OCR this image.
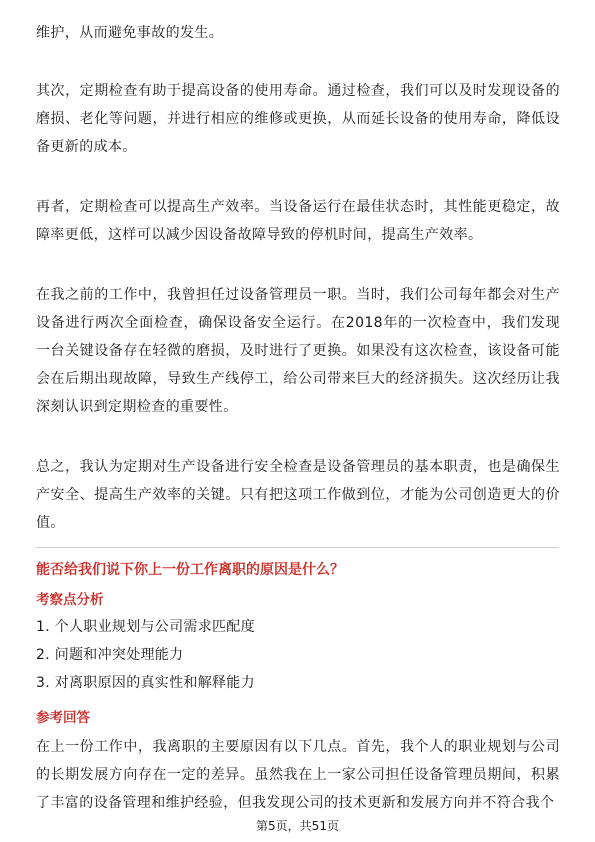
维护，从而避免事故的发生。

其次，定期检查有助于提高设备的使用寿命。通过检查，我们可以及时发现设备的磨损、老化等问题，并进行相应的维修或更换，从而延长设备的使用寿命，降低设备更新的成本。

再者，定期检查可以提高生产效率。当设备运行在最佳状态时，其性能更稳定，故障率更低，这样可以减少因设备故障导致的停机时间，提高生产效率。

在我之前的工作中，我曾担任过设备管理员一职。当时，我们公司每年都会对生产设备进行两次全面检查，确保设备安全运行。在2018年的一次检查中，我们发现一台关键设备存在轻微的磨损，及时进行了更换。如果没有这次检查，该设备可能会在后期出现故障，导致生产线停工，给公司带来巨大的经济损失。这次经历让我深刻认识到定期检查的重要性。

总之，我认为定期对生产设备进行安全检查是设备管理员的基本职责，也是确保生产安全、提高生产效率的关键。只有把这项工作做到位，才能为公司创造更大的价值。

能否给我们说下你上一份工作离职的原因是什么？

考察点分析

1. 个人职业规划与公司需求匹配度
2. 问题和冲突处理能力
3. 对离职原因的真实性和解释能力

参考回答

在上一份工作中，我离职的主要原因有以下几点。首先，我个人的职业规划与公司的长期发展方向存在一定的差异。虽然我在上一家公司担任设备管理员期间，积累了丰富的设备管理和维护经验，但我发现公司的技术更新和发展方向并不符合我个

第5页，共51页
